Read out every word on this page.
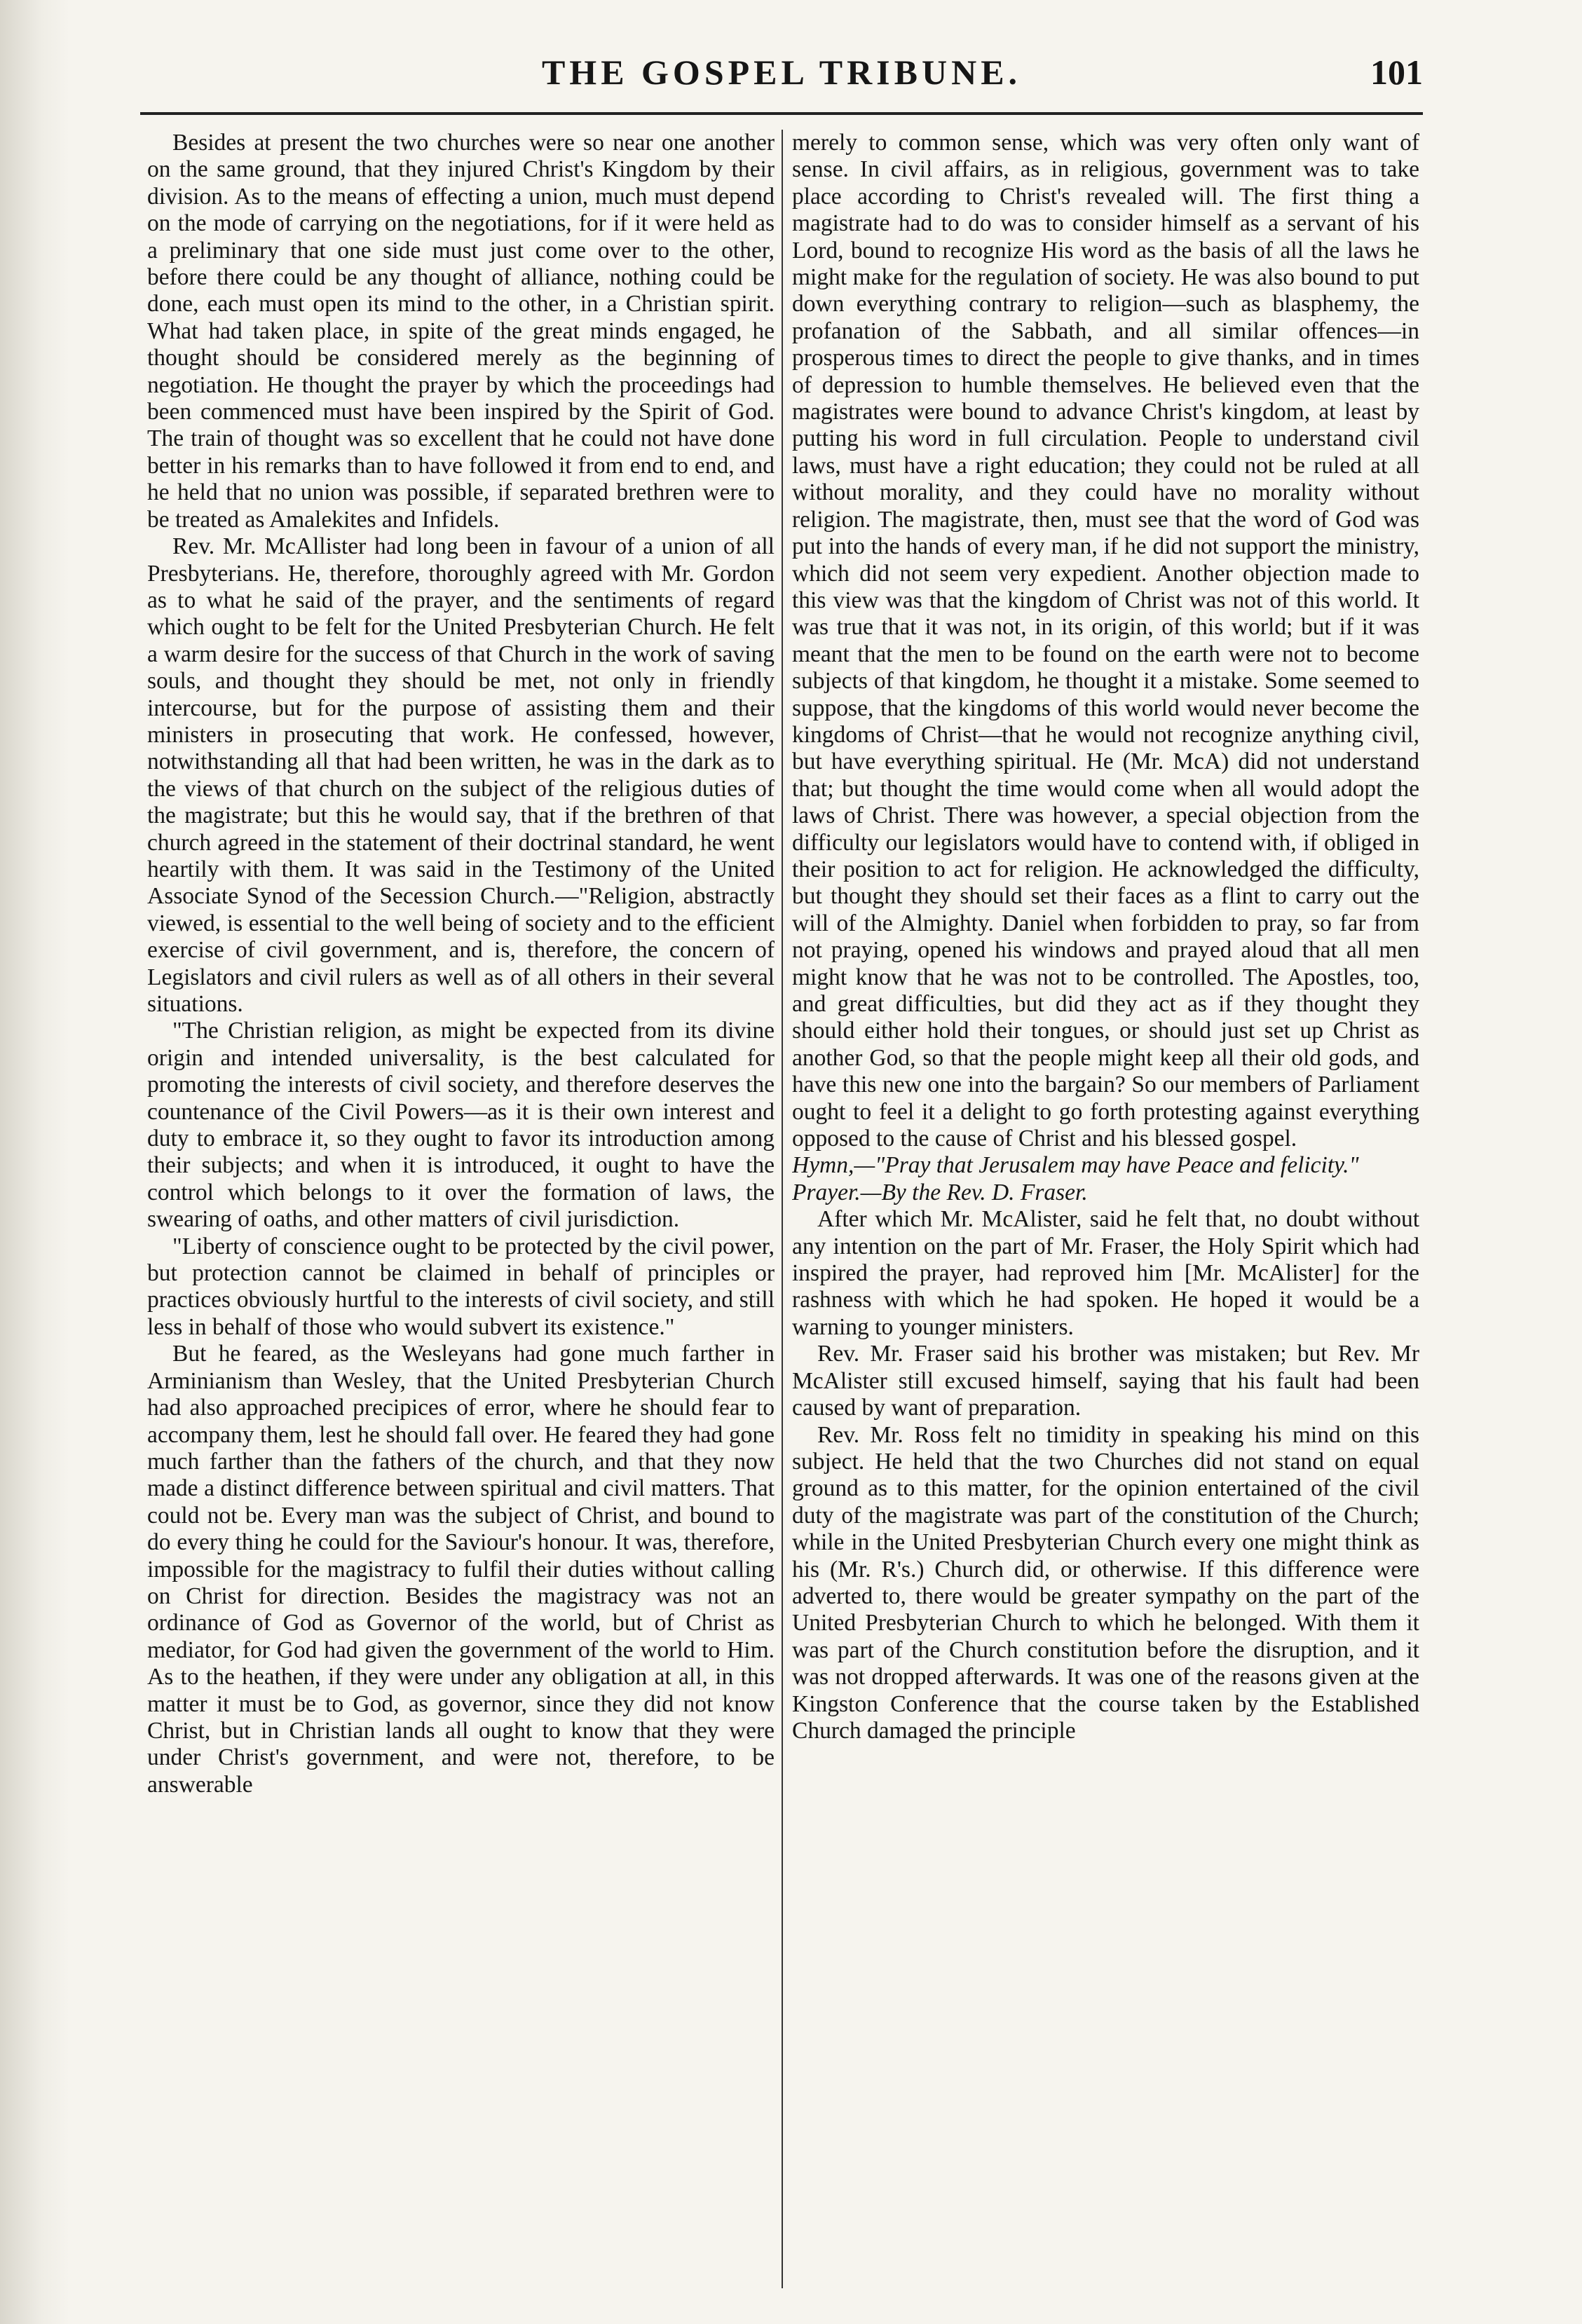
THE GOSPEL TRIBUNE.	101

Besides at present the two churches were so near one another on the same ground, that they injured Christ's Kingdom by their division. As to the means of effecting a union, much must depend on the mode of carrying on the negotiations, for if it were held as a preliminary that one side must just come over to the other, before there could be any thought of alliance, nothing could be done, each must open its mind to the other, in a Christian spirit. What had taken place, in spite of the great minds engaged, he thought should be considered merely as the beginning of negotiation. He thought the prayer by which the proceedings had been commenced must have been inspired by the Spirit of God. The train of thought was so excellent that he could not have done better in his remarks than to have followed it from end to end, and he held that no union was possible, if separated brethren were to be treated as Amalekites and Infidels.

Rev. Mr. McAllister had long been in favour of a union of all Presbyterians. He, therefore, thoroughly agreed with Mr. Gordon as to what he said of the prayer, and the sentiments of regard which ought to be felt for the United Presbyterian Church. He felt a warm desire for the success of that Church in the work of saving souls, and thought they should be met, not only in friendly intercourse, but for the purpose of assisting them and their ministers in prosecuting that work. He confessed, however, notwithstanding all that had been written, he was in the dark as to the views of that church on the subject of the religious duties of the magistrate; but this he would say, that if the brethren of that church agreed in the statement of their doctrinal standard, he went heartily with them. It was said in the Testimony of the United Associate Synod of the Secession Church.—"Religion, abstractly viewed, is essential to the well being of society and to the efficient exercise of civil government, and is, therefore, the concern of Legislators and civil rulers as well as of all others in their several situations.

"The Christian religion, as might be expected from its divine origin and intended universality, is the best calculated for promoting the interests of civil society, and therefore deserves the countenance of the Civil Powers—as it is their own interest and duty to embrace it, so they ought to favor its introduction among their subjects; and when it is introduced, it ought to have the control which belongs to it over the formation of laws, the swearing of oaths, and other matters of civil jurisdiction.

"Liberty of conscience ought to be protected by the civil power, but protection cannot be claimed in behalf of principles or practices obviously hurtful to the interests of civil society, and still less in behalf of those who would subvert its existence."

But he feared, as the Wesleyans had gone much farther in Arminianism than Wesley, that the United Presbyterian Church had also approached precipices of error, where he should fear to accompany them, lest he should fall over. He feared they had gone much farther than the fathers of the church, and that they now made a distinct difference between spiritual and civil matters. That could not be. Every man was the subject of Christ, and bound to do every thing he could for the Saviour's honour. It was, therefore, impossible for the magistracy to fulfil their duties without calling on Christ for direction. Besides the magistracy was not an ordinance of God as Governor of the world, but of Christ as mediator, for God had given the government of the world to Him. As to the heathen, if they were under any obligation at all, in this matter it must be to God, as governor, since they did not know Christ, but in Christian lands all ought to know that they were under Christ's government, and were not, therefore, to be answerable

merely to common sense, which was very often only want of sense. In civil affairs, as in religious, government was to take place according to Christ's revealed will. The first thing a magistrate had to do was to consider himself as a servant of his Lord, bound to recognize His word as the basis of all the laws he might make for the regulation of society. He was also bound to put down everything contrary to religion—such as blasphemy, the profanation of the Sabbath, and all similar offences—in prosperous times to direct the people to give thanks, and in times of depression to humble themselves. He believed even that the magistrates were bound to advance Christ's kingdom, at least by putting his word in full circulation. People to understand civil laws, must have a right education; they could not be ruled at all without morality, and they could have no morality without religion. The magistrate, then, must see that the word of God was put into the hands of every man, if he did not support the ministry, which did not seem very expedient. Another objection made to this view was that the kingdom of Christ was not of this world. It was true that it was not, in its origin, of this world; but if it was meant that the men to be found on the earth were not to become subjects of that kingdom, he thought it a mistake. Some seemed to suppose, that the kingdoms of this world would never become the kingdoms of Christ—that he would not recognize anything civil, but have everything spiritual. He (Mr. McA) did not understand that; but thought the time would come when all would adopt the laws of Christ. There was however, a special objection from the difficulty our legislators would have to contend with, if obliged in their position to act for religion. He acknowledged the difficulty, but thought they should set their faces as a flint to carry out the will of the Almighty. Daniel when forbidden to pray, so far from not praying, opened his windows and prayed aloud that all men might know that he was not to be controlled. The Apostles, too, and great difficulties, but did they act as if they thought they should either hold their tongues, or should just set up Christ as another God, so that the people might keep all their old gods, and have this new one into the bargain? So our members of Parliament ought to feel it a delight to go forth protesting against everything opposed to the cause of Christ and his blessed gospel.

Hymn,—"Pray that Jerusalem may have Peace and felicity."

Prayer.—By the Rev. D. Fraser.

After which Mr. McAlister, said he felt that, no doubt without any intention on the part of Mr. Fraser, the Holy Spirit which had inspired the prayer, had reproved him [Mr. McAlister] for the rashness with which he had spoken. He hoped it would be a warning to younger ministers.

Rev. Mr. Fraser said his brother was mistaken; but Rev. Mr McAlister still excused himself, saying that his fault had been caused by want of preparation.

Rev. Mr. Ross felt no timidity in speaking his mind on this subject. He held that the two Churches did not stand on equal ground as to this matter, for the opinion entertained of the civil duty of the magistrate was part of the constitution of the Church; while in the United Presbyterian Church every one might think as his (Mr. R's.) Church did, or otherwise. If this difference were adverted to, there would be greater sympathy on the part of the United Presbyterian Church to which he belonged. With them it was part of the Church constitution before the disruption, and it was not dropped afterwards. It was one of the reasons given at the Kingston Conference that the course taken by the Established Church damaged the principle
